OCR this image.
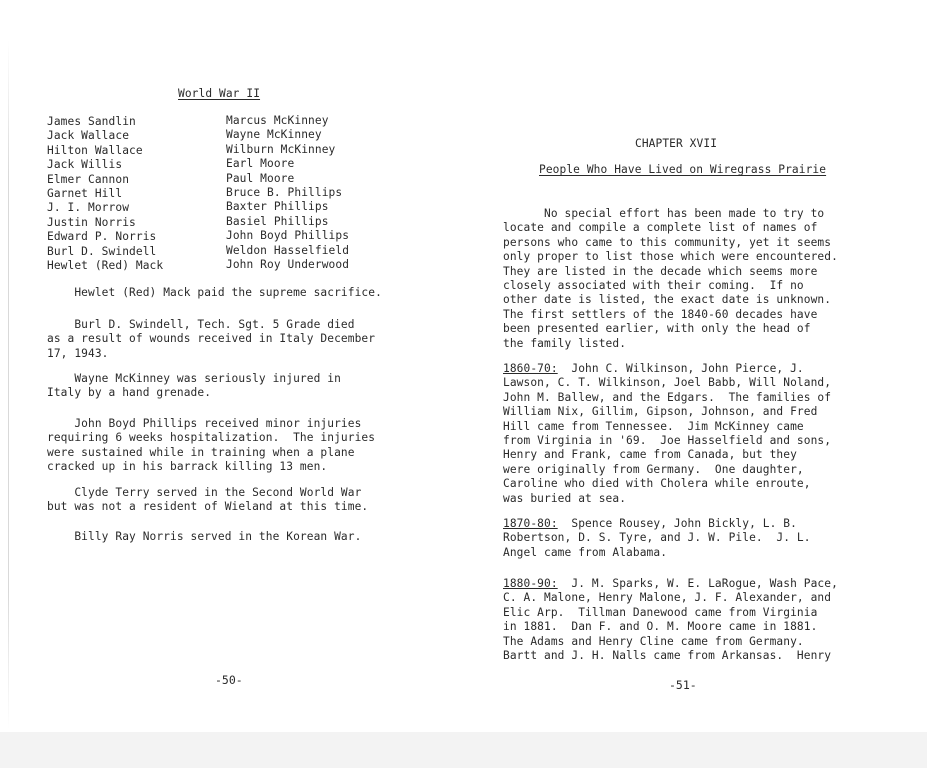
World War II
James Sandlin
Jack Wallace
Hilton Wallace
Jack Willis
Elmer Cannon
Garnet Hill
J. I. Morrow
Justin Norris
Edward P. Norris
Burl D. Swindell
Hewlet (Red) Mack
Marcus McKinney
Wayne McKinney
Wilburn McKinney
Earl Moore
Paul Moore
Bruce B. Phillips
Baxter Phillips
Basiel Phillips
John Boyd Phillips
Weldon Hasselfield
John Roy Underwood
Hewlet (Red) Mack paid the supreme sacrifice.
Burl D. Swindell, Tech. Sgt. 5 Grade died
as a result of wounds received in Italy December
17, 1943.
Wayne McKinney was seriously injured in
Italy by a hand grenade.
John Boyd Phillips received minor injuries
requiring 6 weeks hospitalization.  The injuries
were sustained while in training when a plane
cracked up in his barrack killing 13 men.
Clyde Terry served in the Second World War
but was not a resident of Wieland at this time.
Billy Ray Norris served in the Korean War.
-50-
CHAPTER XVII
People Who Have Lived on Wiregrass Prairie
No special effort has been made to try to
locate and compile a complete list of names of
persons who came to this community, yet it seems
only proper to list those which were encountered.
They are listed in the decade which seems more
closely associated with their coming.  If no
other date is listed, the exact date is unknown.
The first settlers of the 1840-60 decades have
been presented earlier, with only the head of
the family listed.
1860-70:  John C. Wilkinson, John Pierce, J.
Lawson, C. T. Wilkinson, Joel Babb, Will Noland,
John M. Ballew, and the Edgars.  The families of
William Nix, Gillim, Gipson, Johnson, and Fred
Hill came from Tennessee.  Jim McKinney came
from Virginia in '69.  Joe Hasselfield and sons,
Henry and Frank, came from Canada, but they
were originally from Germany.  One daughter,
Caroline who died with Cholera while enroute,
was buried at sea.
1870-80:  Spence Rousey, John Bickly, L. B.
Robertson, D. S. Tyre, and J. W. Pile.  J. L.
Angel came from Alabama.
1880-90:  J. M. Sparks, W. E. LaRogue, Wash Pace,
C. A. Malone, Henry Malone, J. F. Alexander, and
Elic Arp.  Tillman Danewood came from Virginia
in 1881.  Dan F. and O. M. Moore came in 1881.
The Adams and Henry Cline came from Germany.
Bartt and J. H. Nalls came from Arkansas.  Henry
-51-
